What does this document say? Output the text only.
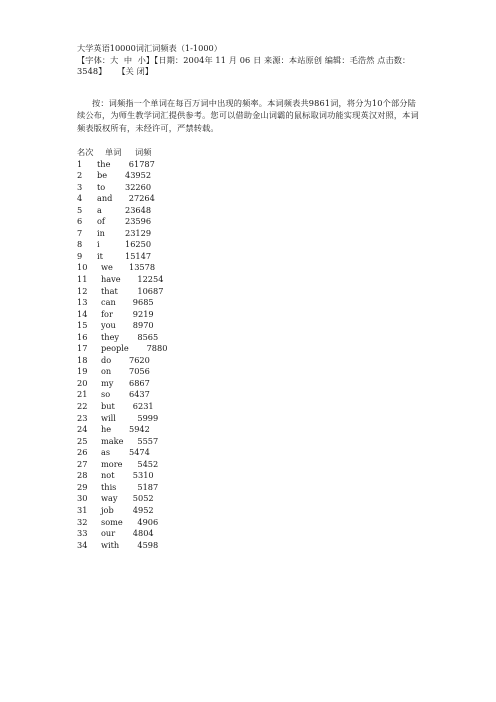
大学英语10000词汇词频表（1-1000）
【字体：大 中 小】【日期：2004年 11 月 06 日 来源：本站原创 编辑：毛浩然 点击数：
3548】 【关 闭】
按：词频指一个单词在每百万词中出现的频率。本词频表共9861词，将分为10个部分陆续公布，为师生教学词汇提供参考。您可以借助金山词霸的鼠标取词功能实现英汉对照，本词频表版权所有，未经许可，严禁转载。
名次 单词 词频
1 the 61787
2 be 43952
3 to 32260
4 and 27264
5 a	23648
6 of 23596
7 in 23129
8 i	16250
9 it	15147
10 we 13578
11 have 12254
12 that 10687
13 can 9685
14 for 9219
15 you 8970
16 they 8565
17 people 7880
18 do 7620
19 on 7056
20 my 6867
21 so 6437
22 but 6231
23 will	5999
24 he 5942
25 make 5557
26 as 5474
27 more 5452
28 not 5310
29 this	5187
30 way 5052
31 job 4952
32 some 4906
33 our 4804
34 with 4598
